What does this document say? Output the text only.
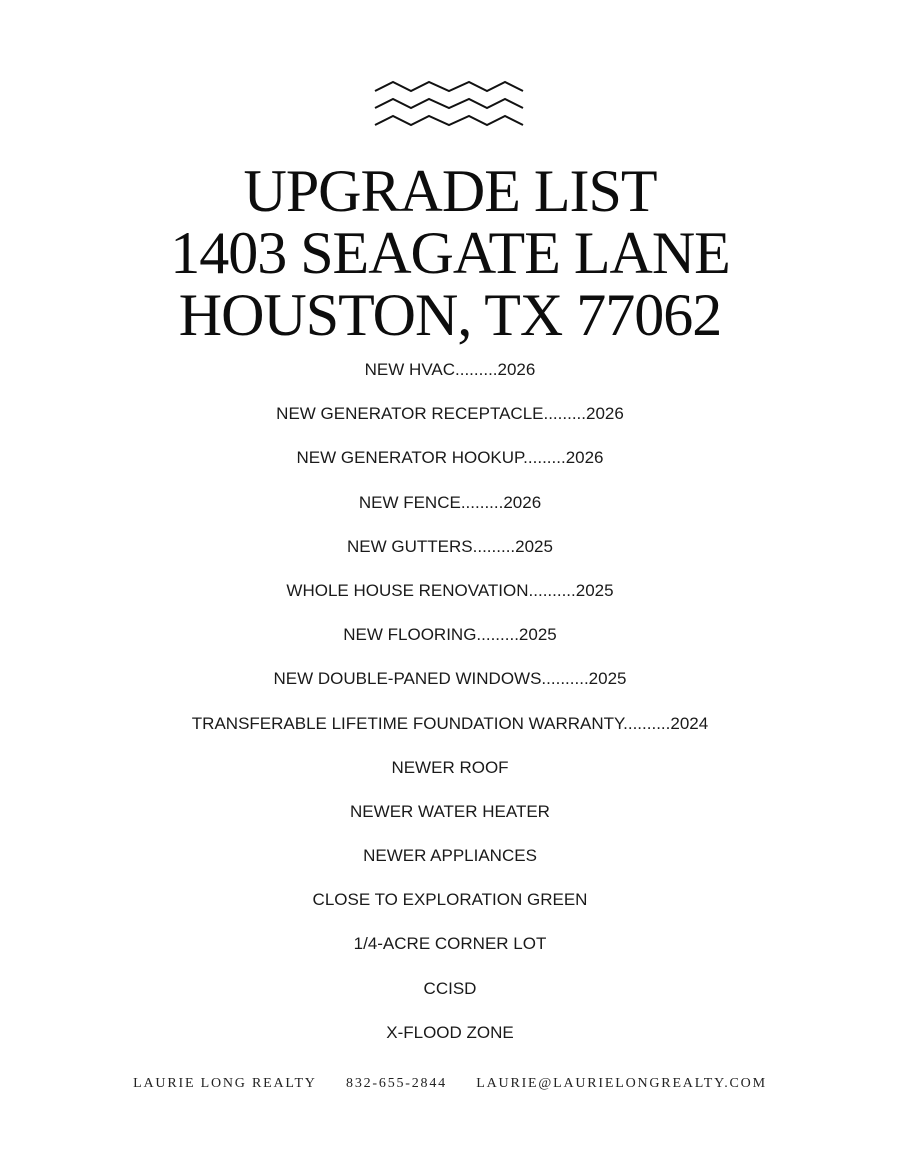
UPGRADE LIST
1403 SEAGATE LANE
HOUSTON, TX 77062
NEW HVAC.........2026
NEW GENERATOR RECEPTACLE.........2026
NEW GENERATOR HOOKUP.........2026
NEW FENCE.........2026
NEW GUTTERS.........2025
WHOLE HOUSE RENOVATION..........2025
NEW FLOORING.........2025
NEW DOUBLE-PANED WINDOWS..........2025
TRANSFERABLE LIFETIME FOUNDATION WARRANTY..........2024
NEWER ROOF
NEWER WATER HEATER
NEWER APPLIANCES
CLOSE TO EXPLORATION GREEN
1/4-ACRE CORNER LOT
CCISD
X-FLOOD ZONE
LAURIE LONG REALTY 832-655-2844 LAURIE@LAURIELONGREALTY.COM
